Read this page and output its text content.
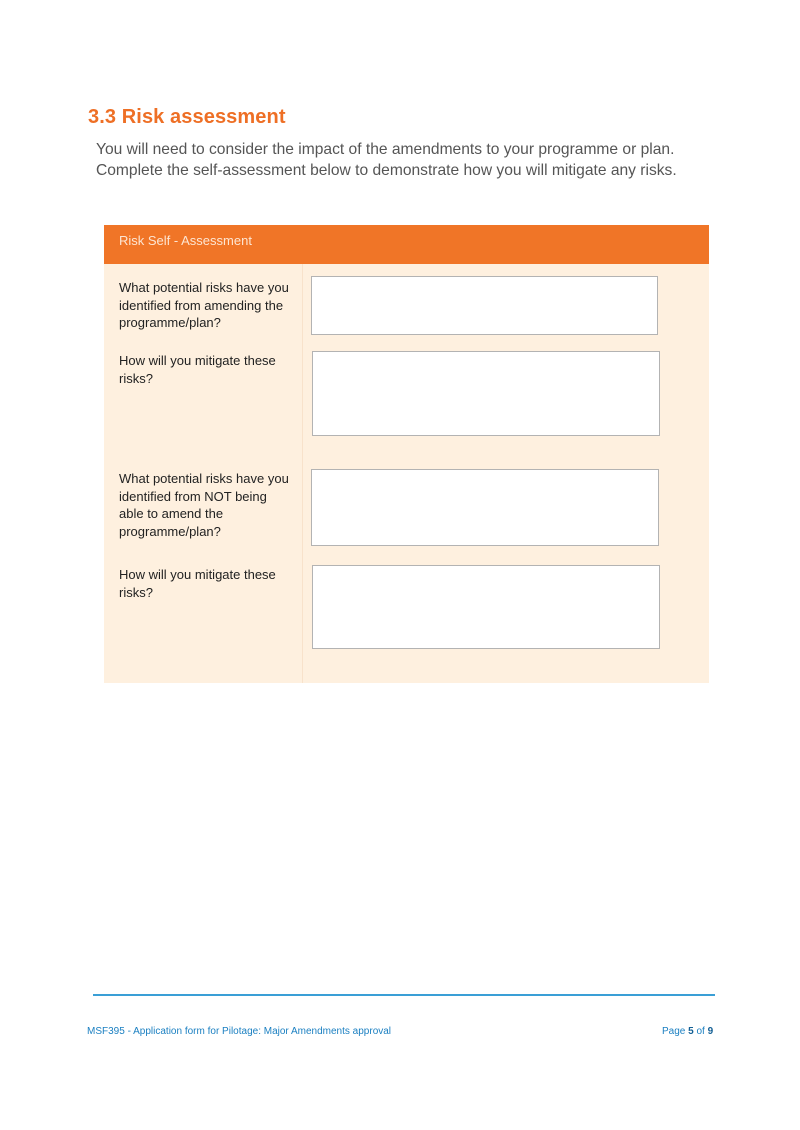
3.3 Risk assessment

You will need to consider the impact of the amendments to your programme or plan.

Complete the self-assessment below to demonstrate how you will mitigate any risks.

Risk Self - Assessment

What potential risks have you

identified from amending the

programme/plan?

How will you mitigate these

risks?

What potential risks have you

identified from NOT being

able to amend the

programme/plan?

How will you mitigate these

risks?

MSF395 - Application form for Pilotage: Major Amendments approval	Page 5 of 9
